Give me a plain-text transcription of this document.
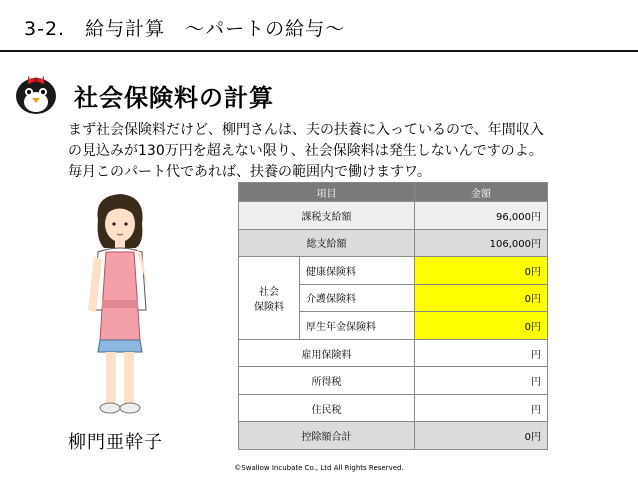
3-2.　給与計算　～パートの給与～
社会保険料の計算
まず社会保険料だけど、柳門さんは、夫の扶養に入っているので、年間収入
の見込みが130万円を超えない限り、社会保険料は発生しないんですのよ。
毎月このパート代であれば、扶養の範囲内で働けますワ。
柳門亜幹子
項目		金額
課税支給額		96,000円
総支給額		106,000円
社会
保険料	健康保険料	0円
	介護保険料	0円
	厚生年金保険料	0円
雇用保険料		円
所得税		円
住民税		円
控除額合計		0円
©Swallow Incubate Co., Ltd All Rights Reserved.
